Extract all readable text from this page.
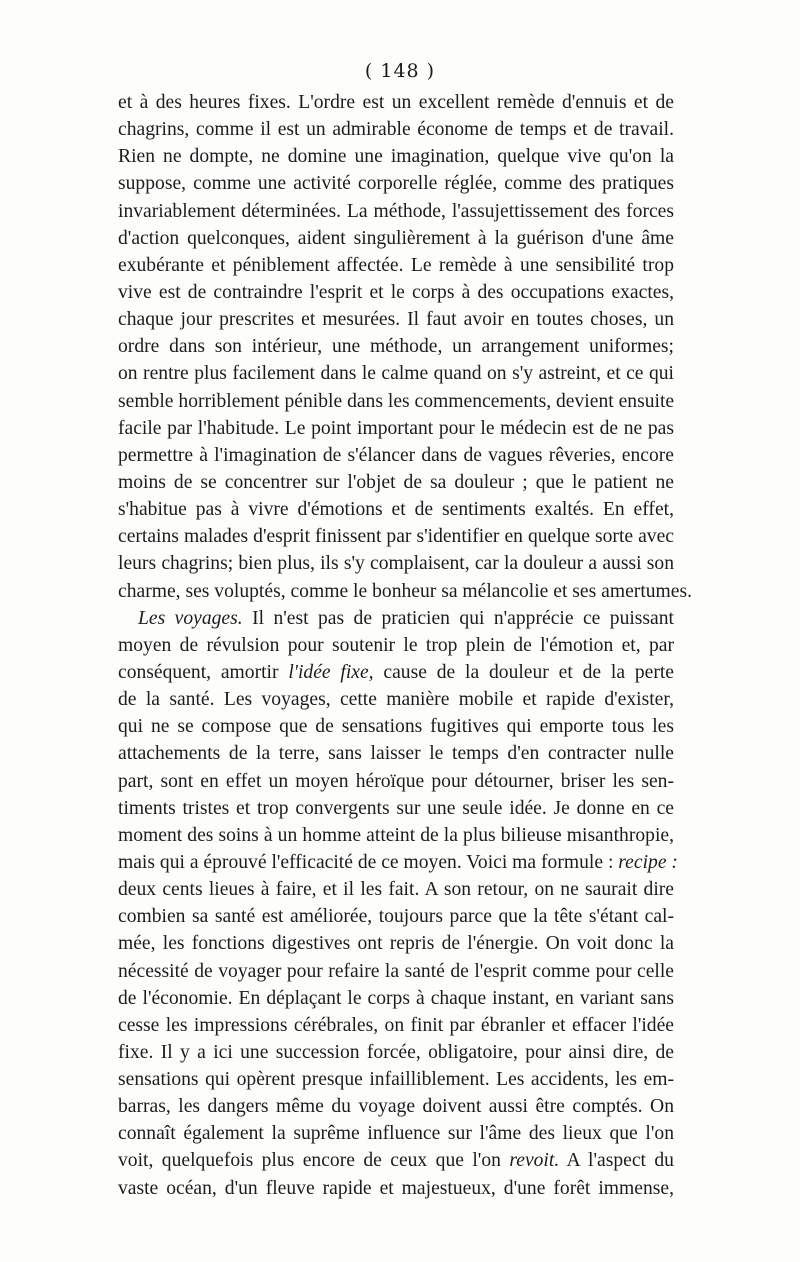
( 148 )
et à des heures fixes. L'ordre est un excellent remède d'ennuis et de
chagrins, comme il est un admirable économe de temps et de travail.
Rien ne dompte, ne domine une imagination, quelque vive qu'on la
suppose, comme une activité corporelle réglée, comme des pratiques
invariablement déterminées. La méthode, l'assujettissement des forces
d'action quelconques, aident singulièrement à la guérison d'une âme
exubérante et péniblement affectée. Le remède à une sensibilité trop
vive est de contraindre l'esprit et le corps à des occupations exactes,
chaque jour prescrites et mesurées. Il faut avoir en toutes choses, un
ordre dans son intérieur, une méthode, un arrangement uniformes;
on rentre plus facilement dans le calme quand on s'y astreint, et ce qui
semble horriblement pénible dans les commencements, devient ensuite
facile par l'habitude. Le point important pour le médecin est de ne pas
permettre à l'imagination de s'élancer dans de vagues rêveries, encore
moins de se concentrer sur l'objet de sa douleur ; que le patient ne
s'habitue pas à vivre d'émotions et de sentiments exaltés. En effet,
certains malades d'esprit finissent par s'identifier en quelque sorte avec
leurs chagrins; bien plus, ils s'y complaisent, car la douleur a aussi son
charme, ses voluptés, comme le bonheur sa mélancolie et ses amertumes.
Les voyages. Il n'est pas de praticien qui n'apprécie ce puissant
moyen de révulsion pour soutenir le trop plein de l'émotion et, par
conséquent, amortir l'idée fixe, cause de la douleur et de la perte
de la santé. Les voyages, cette manière mobile et rapide d'exister,
qui ne se compose que de sensations fugitives qui emporte tous les
attachements de la terre, sans laisser le temps d'en contracter nulle
part, sont en effet un moyen héroïque pour détourner, briser les sen-
timents tristes et trop convergents sur une seule idée. Je donne en ce
moment des soins à un homme atteint de la plus bilieuse misanthropie,
mais qui a éprouvé l'efficacité de ce moyen. Voici ma formule : recipe :
deux cents lieues à faire, et il les fait. A son retour, on ne saurait dire
combien sa santé est améliorée, toujours parce que la tête s'étant cal-
mée, les fonctions digestives ont repris de l'énergie. On voit donc la
nécessité de voyager pour refaire la santé de l'esprit comme pour celle
de l'économie. En déplaçant le corps à chaque instant, en variant sans
cesse les impressions cérébrales, on finit par ébranler et effacer l'idée
fixe. Il y a ici une succession forcée, obligatoire, pour ainsi dire, de
sensations qui opèrent presque infailliblement. Les accidents, les em-
barras, les dangers même du voyage doivent aussi être comptés. On
connaît également la suprême influence sur l'âme des lieux que l'on
voit, quelquefois plus encore de ceux que l'on revoit. A l'aspect du
vaste océan, d'un fleuve rapide et majestueux, d'une forêt immense,
